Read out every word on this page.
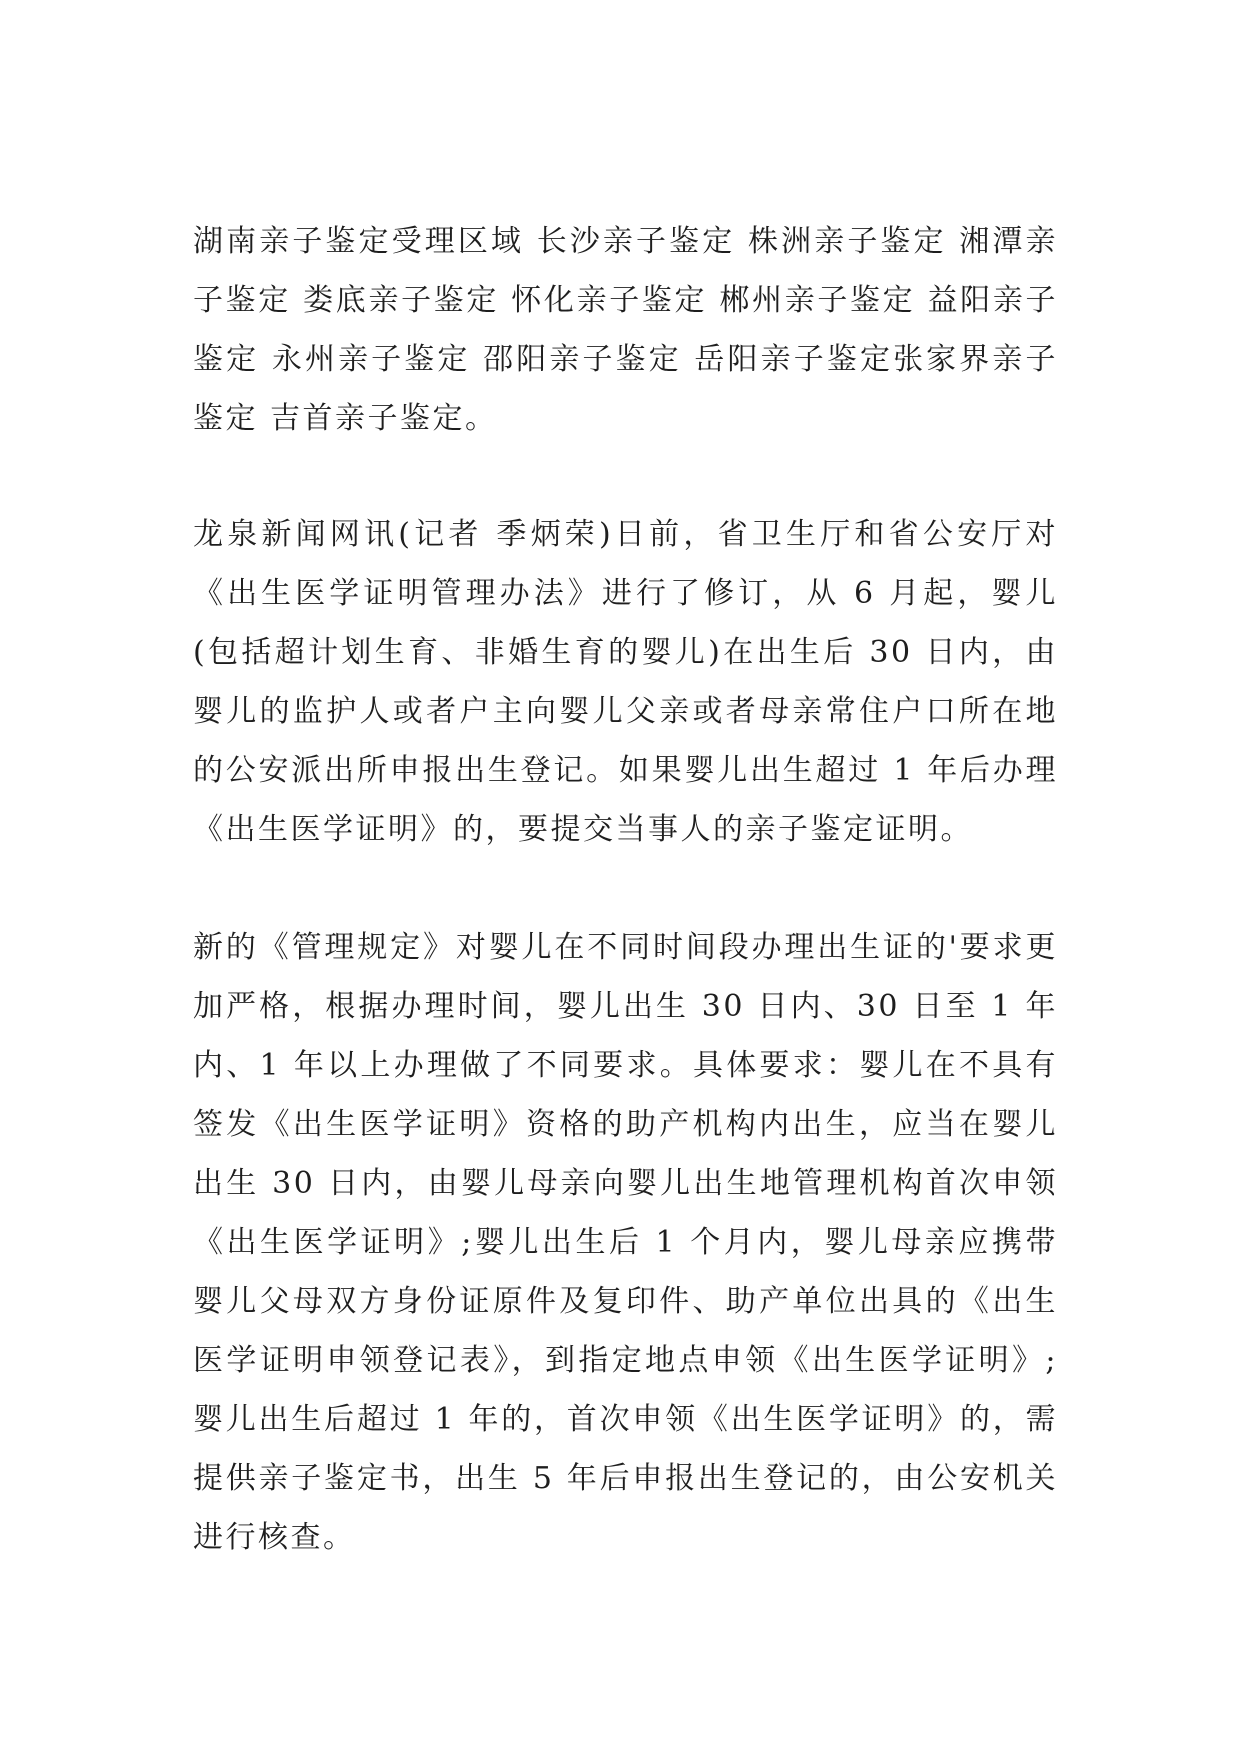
湖南亲子鉴定受理区域 长沙亲子鉴定 株洲亲子鉴定 湘潭亲子鉴定 娄底亲子鉴定 怀化亲子鉴定 郴州亲子鉴定 益阳亲子鉴定 永州亲子鉴定 邵阳亲子鉴定 岳阳亲子鉴定张家界亲子鉴定 吉首亲子鉴定。

龙泉新闻网讯(记者 季炳荣)日前，省卫生厅和省公安厅对《出生医学证明管理办法》进行了修订，从 6 月起，婴儿(包括超计划生育、非婚生育的婴儿)在出生后 30 日内，由婴儿的监护人或者户主向婴儿父亲或者母亲常住户口所在地的公安派出所申报出生登记。如果婴儿出生超过 1 年后办理《出生医学证明》的，要提交当事人的亲子鉴定证明。

新的《管理规定》对婴儿在不同时间段办理出生证的'要求更加严格，根据办理时间，婴儿出生 30 日内、30 日至 1 年内、1 年以上办理做了不同要求。具体要求：婴儿在不具有签发《出生医学证明》资格的助产机构内出生，应当在婴儿出生 30 日内，由婴儿母亲向婴儿出生地管理机构首次申领《出生医学证明》;婴儿出生后 1 个月内，婴儿母亲应携带婴儿父母双方身份证原件及复印件、助产单位出具的《出生医学证明申领登记表》，到指定地点申领《出生医学证明》;婴儿出生后超过 1 年的，首次申领《出生医学证明》的，需提供亲子鉴定书，出生 5 年后申报出生登记的，由公安机关进行核查。
